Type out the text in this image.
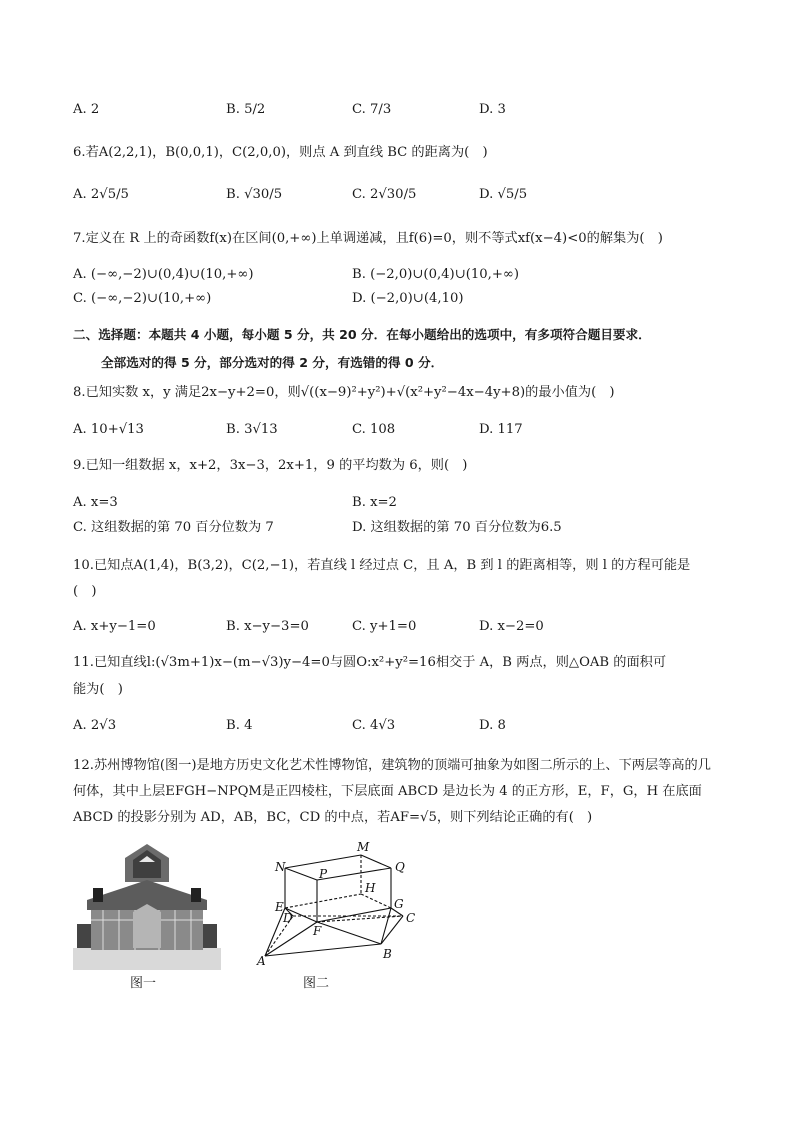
A. 2	B. 5/2	C. 7/3	D. 3
6.若A(2,2,1)，B(0,0,1)，C(2,0,0)，则点 A 到直线 BC 的距离为(　)
A. 2√5/5	B. √30/5	C. 2√30/5	D. √5/5
7.定义在 R 上的奇函数f(x)在区间(0,+∞)上单调递减，且f(6)=0，则不等式xf(x−4)<0的解集为(　)
A. (−∞,−2)∪(0,4)∪(10,+∞)	B. (−2,0)∪(0,4)∪(10,+∞)
C. (−∞,−2)∪(10,+∞)	D. (−2,0)∪(4,10)
二、选择题：本题共 4 小题，每小题 5 分，共 20 分．在每小题给出的选项中，有多项符合题目要求．
全部选对的得 5 分，部分选对的得 2 分，有选错的得 0 分．
8.已知实数 x，y 满足2x−y+2=0，则√((x−9)²+y²)+√(x²+y²−4x−4y+8)的最小值为(　)
A. 10+√13	B. 3√13	C. 108	D. 117
9.已知一组数据 x，x+2，3x−3，2x+1，9 的平均数为 6，则(　)
A. x=3	B. x=2
C. 这组数据的第 70 百分位数为 7	D. 这组数据的第 70 百分位数为6.5
10.已知点A(1,4)，B(3,2)，C(2,−1)，若直线 l 经过点 C，且 A，B 到 l 的距离相等，则 l 的方程可能是
(　)
A. x+y−1=0	B. x−y−3=0	C. y+1=0	D. x−2=0
11.已知直线l:(√3m+1)x−(m−√3)y−4=0与圆O:x²+y²=16相交于 A，B 两点，则△OAB 的面积可
能为(　)
A. 2√3	B. 4	C. 4√3	D. 8
12.苏州博物馆(图一)是地方历史文化艺术性博物馆，建筑物的顶端可抽象为如图二所示的上、下两层等高的几
何体，其中上层EFGH−NPQM是正四棱柱，下层底面 ABCD 是边长为 4 的正方形，E，F，G，H 在底面
ABCD 的投影分别为 AD，AB，BC，CD 的中点，若AF=√5，则下列结论正确的有(　)
图一
M
N	P	Q
H
E	G
D
F
C
A	B
图二
